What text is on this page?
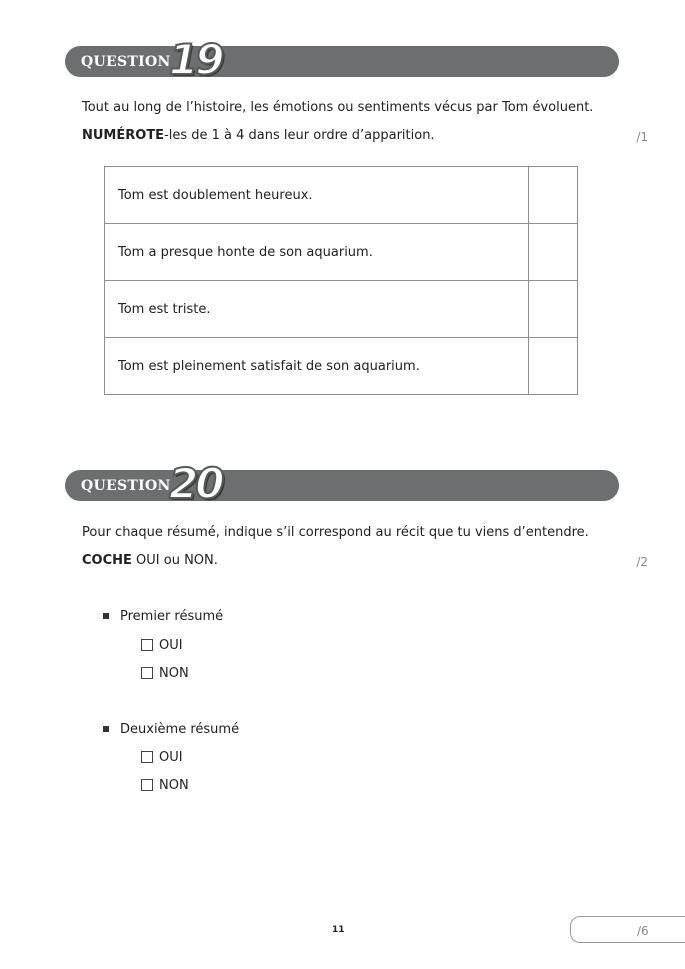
QUESTION
19
Tout au long de l’histoire, les émotions ou sentiments vécus par Tom évoluent.
NUMÉROTE-les de 1 à 4 dans leur ordre d’apparition.	/1
Tom est doublement heureux.	
Tom a presque honte de son aquarium.	
Tom est triste.	
Tom est pleinement satisfait de son aquarium.	
QUESTION
20
Pour chaque résumé, indique s’il correspond au récit que tu viens d’entendre.
COCHE OUI ou NON.	/2
Premier résumé
OUI
NON
Deuxième résumé
OUI
NON
11	/6
